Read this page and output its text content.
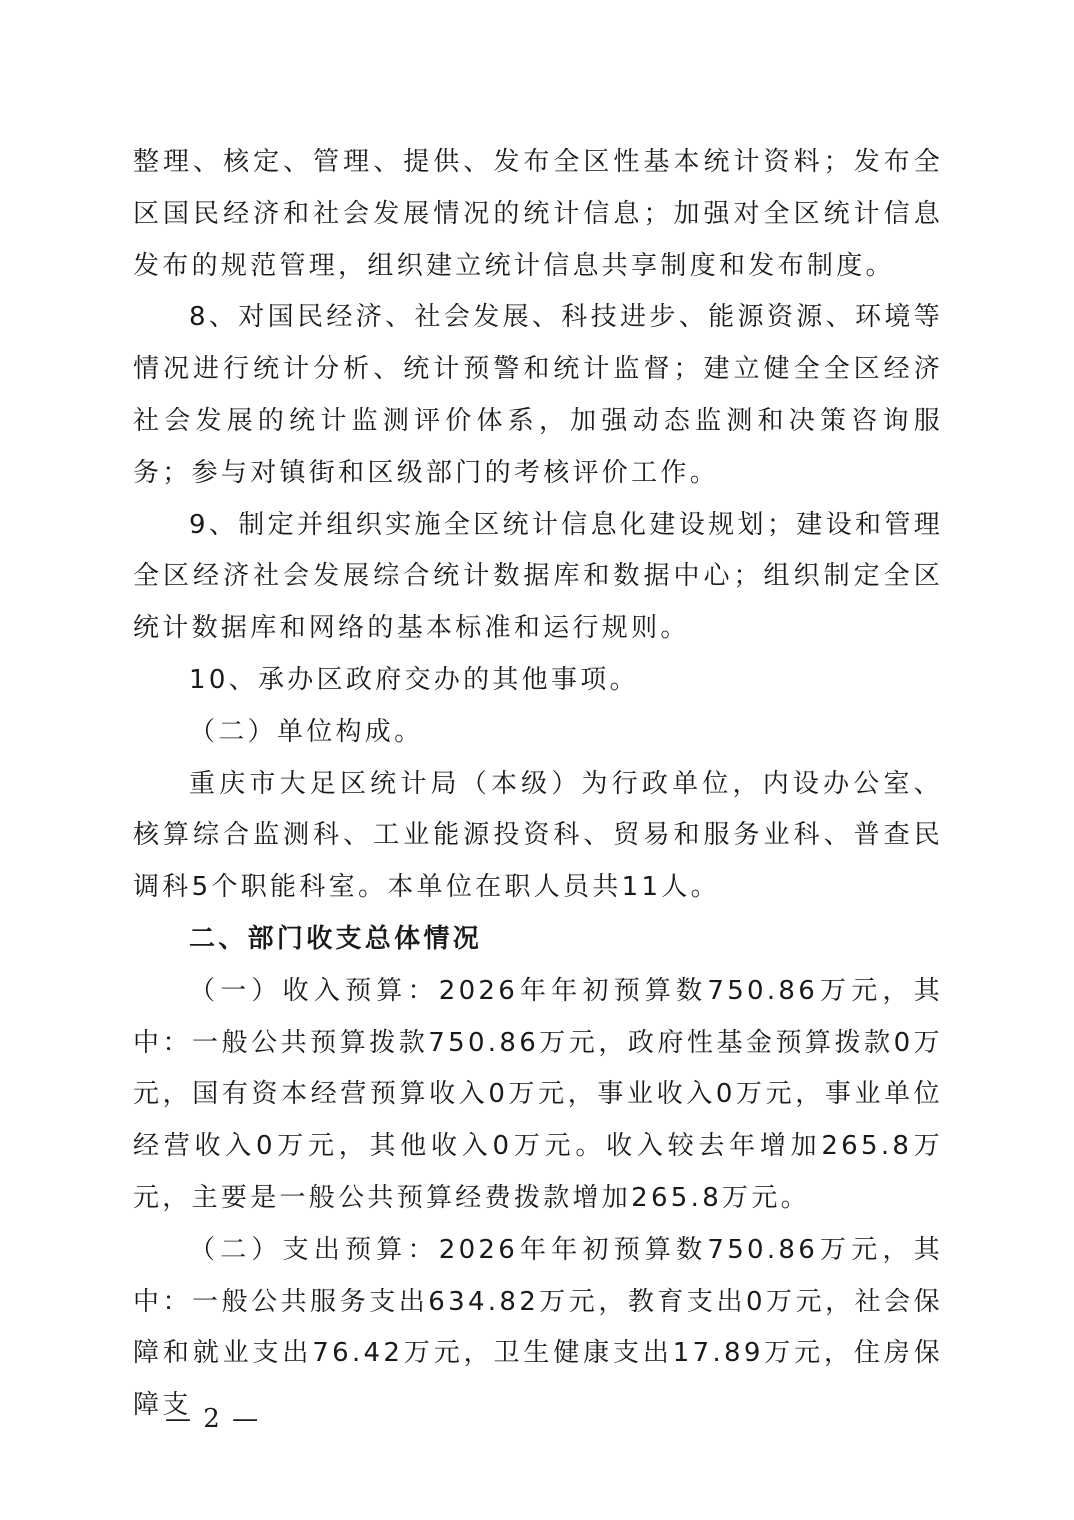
整理、核定、管理、提供、发布全区性基本统计资料；发布全区国民经济和社会发展情况的统计信息；加强对全区统计信息发布的规范管理，组织建立统计信息共享制度和发布制度。

8、对国民经济、社会发展、科技进步、能源资源、环境等情况进行统计分析、统计预警和统计监督；建立健全全区经济社会发展的统计监测评价体系，加强动态监测和决策咨询服务；参与对镇街和区级部门的考核评价工作。

9、制定并组织实施全区统计信息化建设规划；建设和管理全区经济社会发展综合统计数据库和数据中心；组织制定全区统计数据库和网络的基本标准和运行规则。

10、承办区政府交办的其他事项。

（二）单位构成。

重庆市大足区统计局（本级）为行政单位，内设办公室、核算综合监测科、工业能源投资科、贸易和服务业科、普查民调科5个职能科室。本单位在职人员共11人。

二、部门收支总体情况

（一）收入预算：2026年年初预算数750.86万元，其中：一般公共预算拨款750.86万元，政府性基金预算拨款0万元，国有资本经营预算收入0万元，事业收入0万元，事业单位经营收入0万元，其他收入0万元。收入较去年增加265.8万元，主要是一般公共预算经费拨款增加265.8万元。

（二）支出预算：2026年年初预算数750.86万元，其中：一般公共服务支出634.82万元，教育支出0万元，社会保障和就业支出76.42万元，卫生健康支出17.89万元，住房保障支

— 2 —
